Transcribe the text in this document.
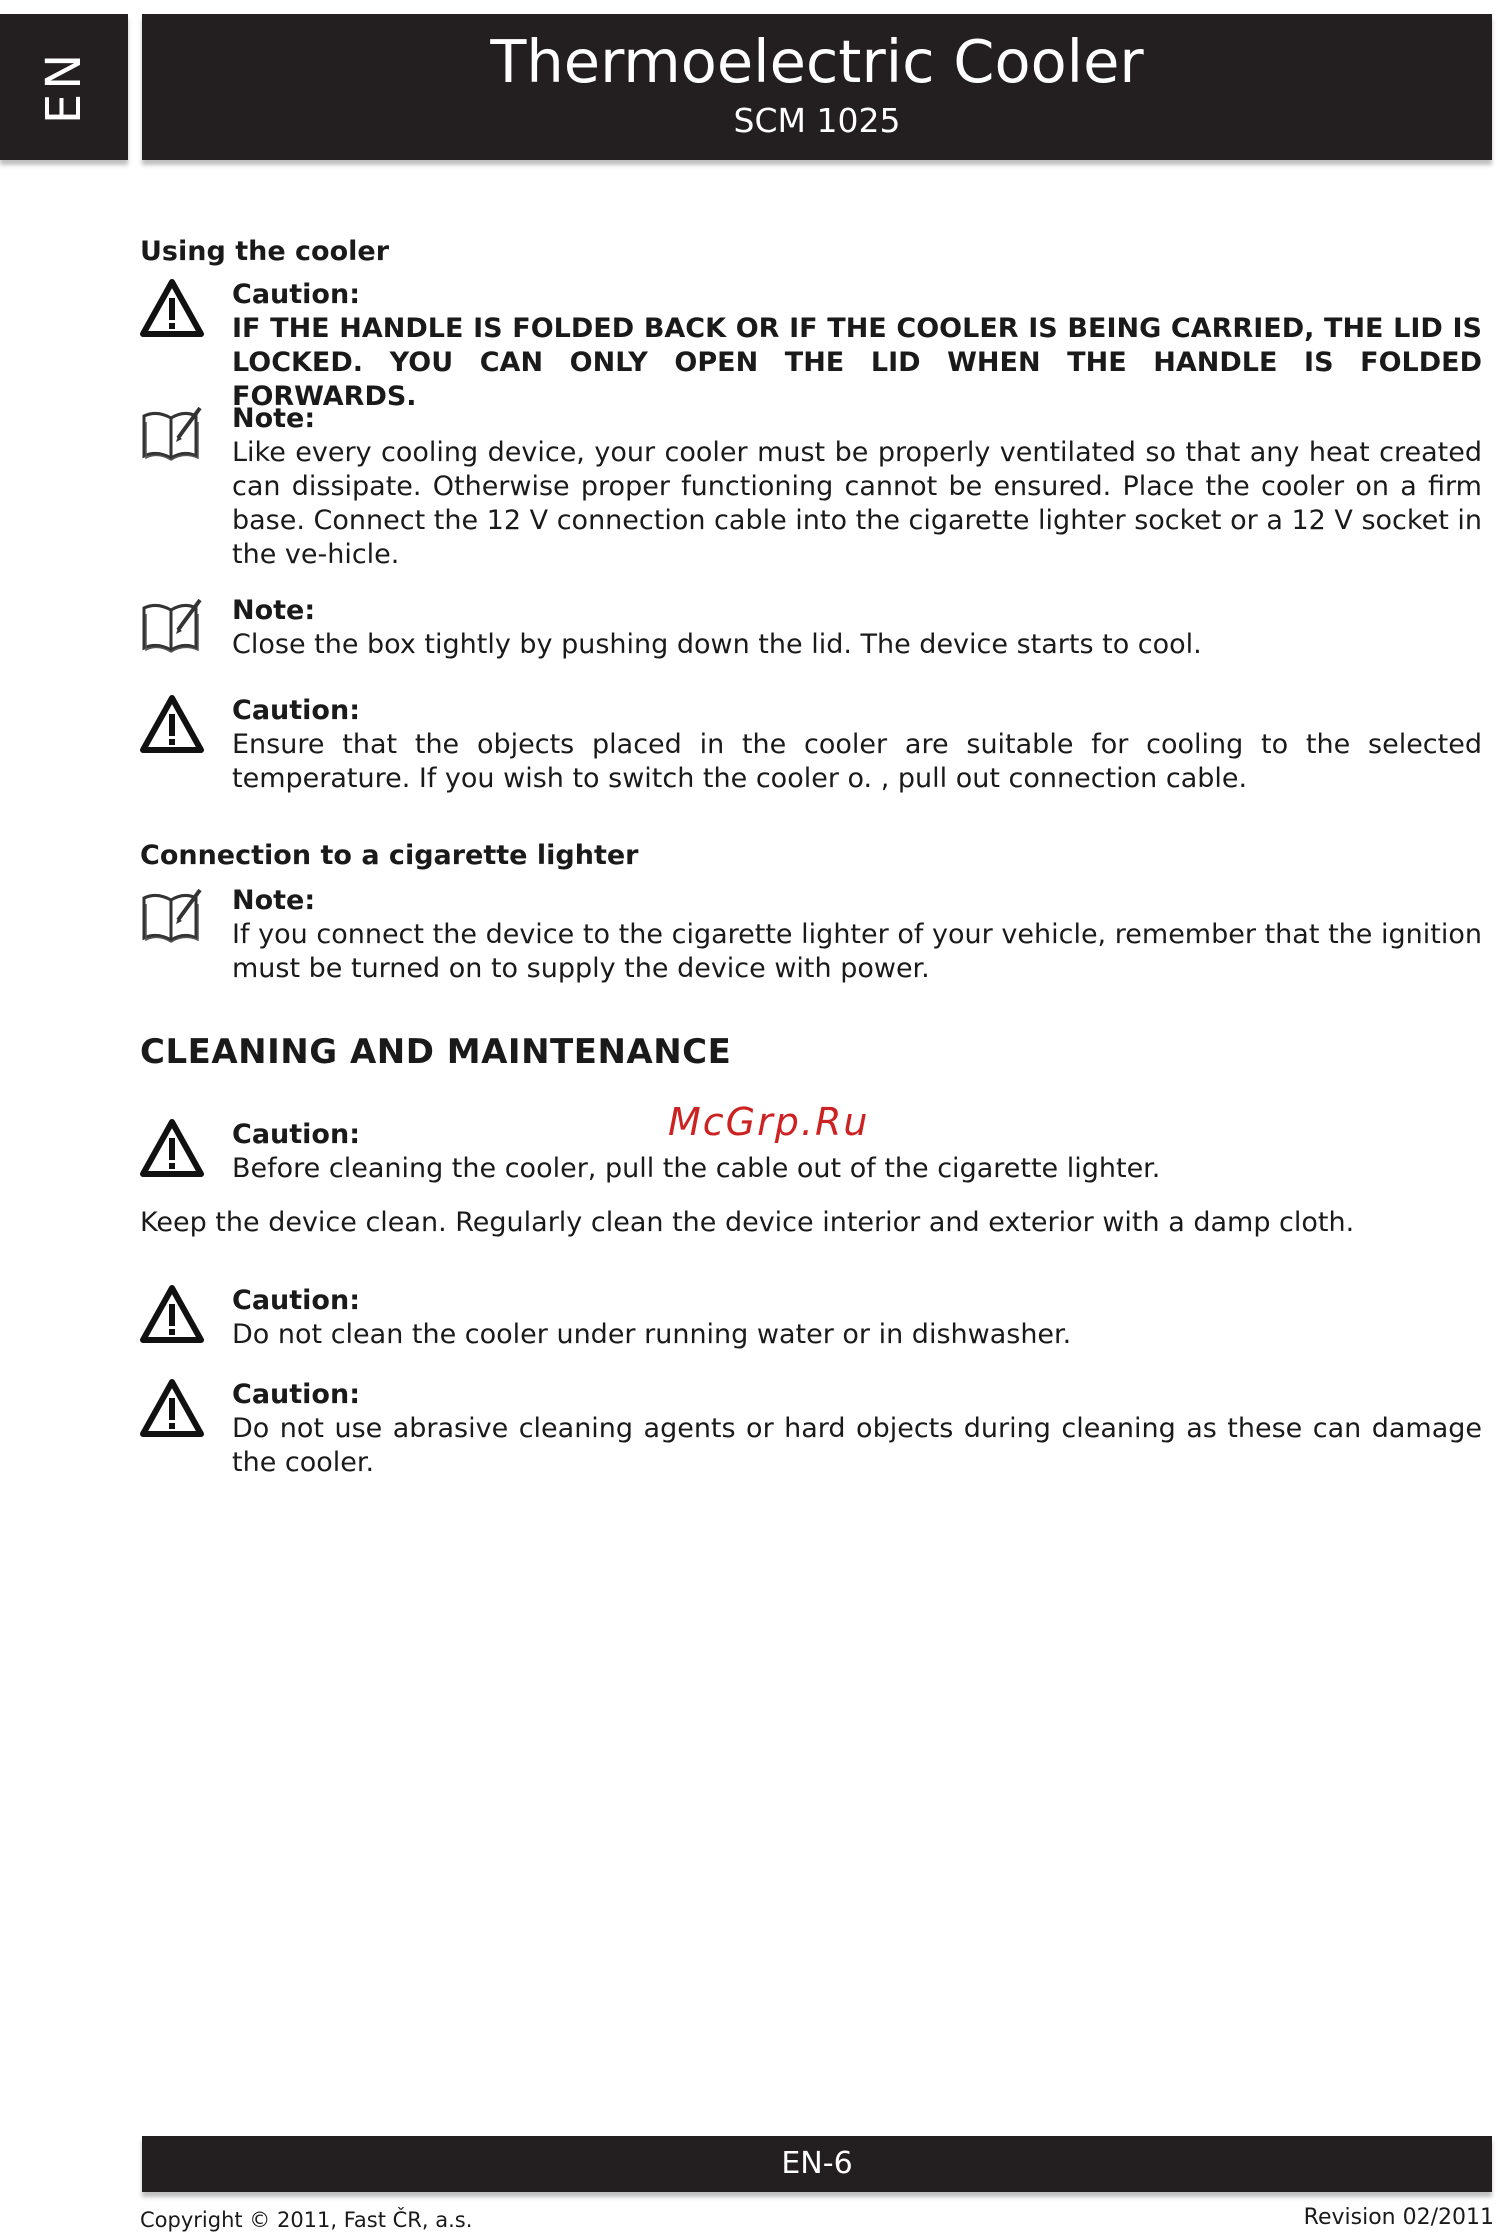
EN	Thermoelectric Cooler
SCM 1025
Using the cooler
Caution:
IF THE HANDLE IS FOLDED BACK OR IF THE COOLER IS BEING CARRIED, THE LID IS LOCKED. YOU CAN ONLY OPEN THE LID WHEN THE HANDLE IS FOLDED FORWARDS.
Note:
Like every cooling device, your cooler must be properly ventilated so that any heat created can dissipate. Otherwise proper functioning cannot be ensured. Place the cooler on a firm base. Connect the 12 V connection cable into the cigarette lighter socket or a 12 V socket in the ve-hicle.
Note:
Close the box tightly by pushing down the lid. The device starts to cool.
Caution:
Ensure that the objects placed in the cooler are suitable for cooling to the selected temperature. If you wish to switch the cooler o. , pull out connection cable.
Connection to a cigarette lighter
Note:
If you connect the device to the cigarette lighter of your vehicle, remember that the ignition must be turned on to supply the device with power.
CLEANING AND MAINTENANCE
McGrp.Ru
Caution:
Before cleaning the cooler, pull the cable out of the cigarette lighter.
Keep the device clean. Regularly clean the device interior and exterior with a damp cloth.
Caution:
Do not clean the cooler under running water or in dishwasher.
Caution:
Do not use abrasive cleaning agents or hard objects during cleaning as these can damage the cooler.
EN-6
Copyright © 2011, Fast ČR, a.s.	Revision 02/2011
